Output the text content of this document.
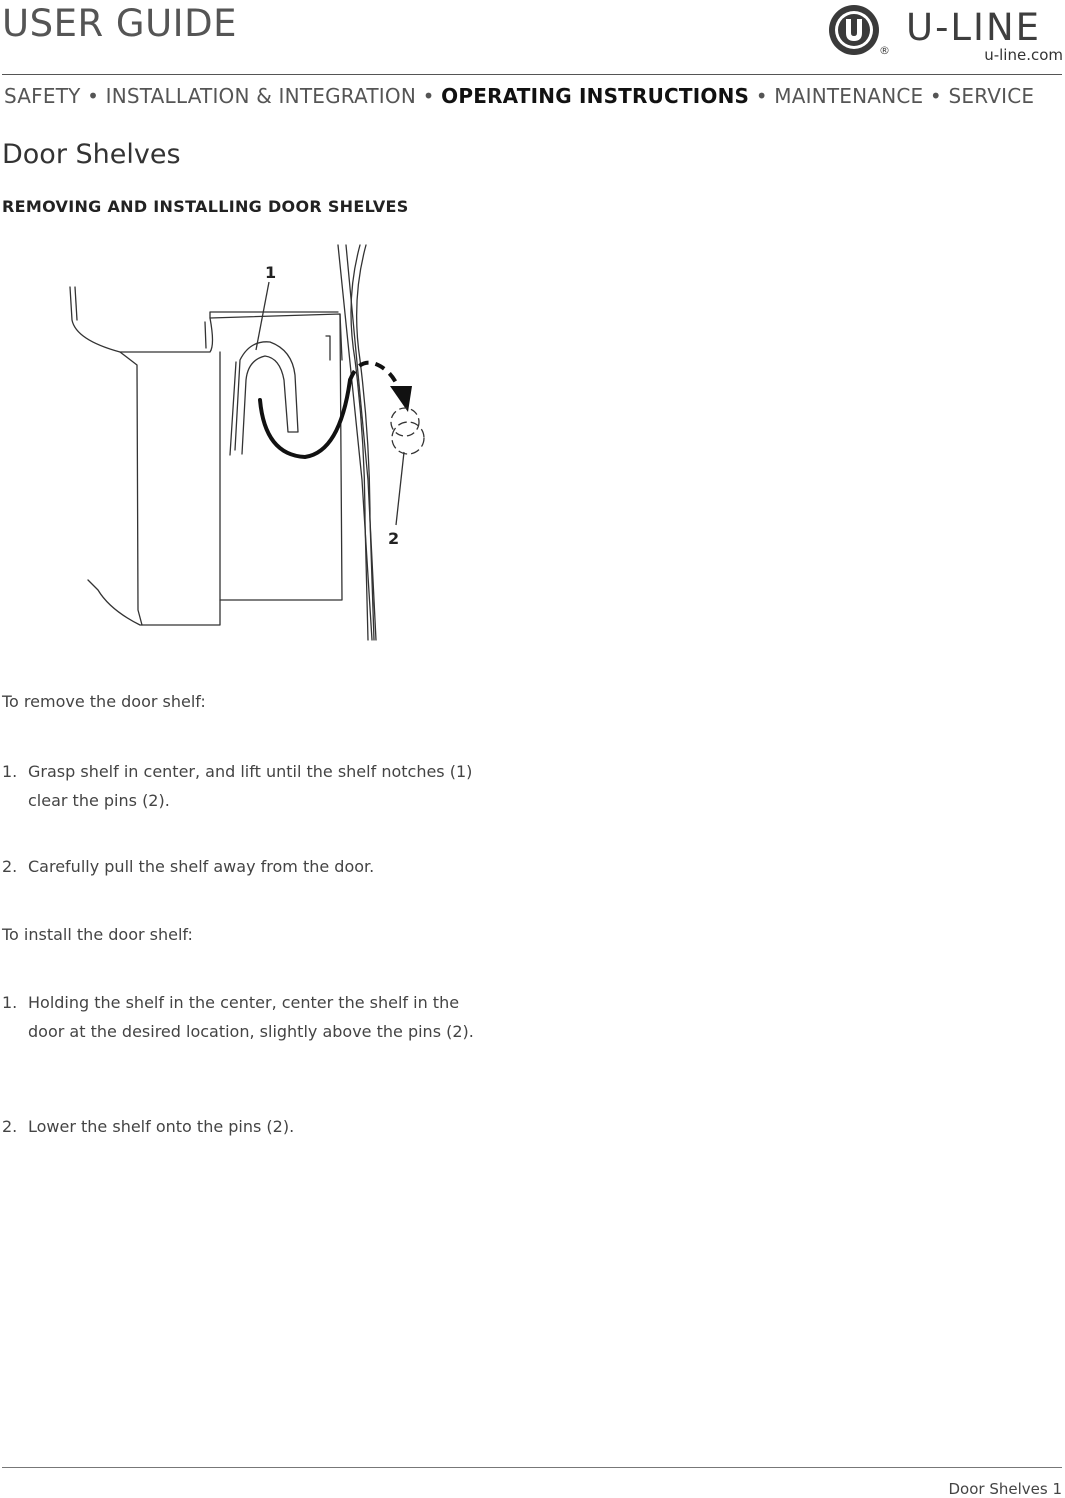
USER GUIDE
®
U-LINE
u-line.com
SAFETY • INSTALLATION & INTEGRATION • OPERATING INSTRUCTIONS • MAINTENANCE • SERVICE
Door Shelves
REMOVING AND INSTALLING DOOR SHELVES
1
2
To remove the door shelf:
1. Grasp shelf in center, and lift until the shelf notches (1) clear the pins (2).
2. Carefully pull the shelf away from the door.
To install the door shelf:
1. Holding the shelf in the center, center the shelf in the door at the desired location, slightly above the pins (2).
2. Lower the shelf onto the pins (2).
Door Shelves 1
